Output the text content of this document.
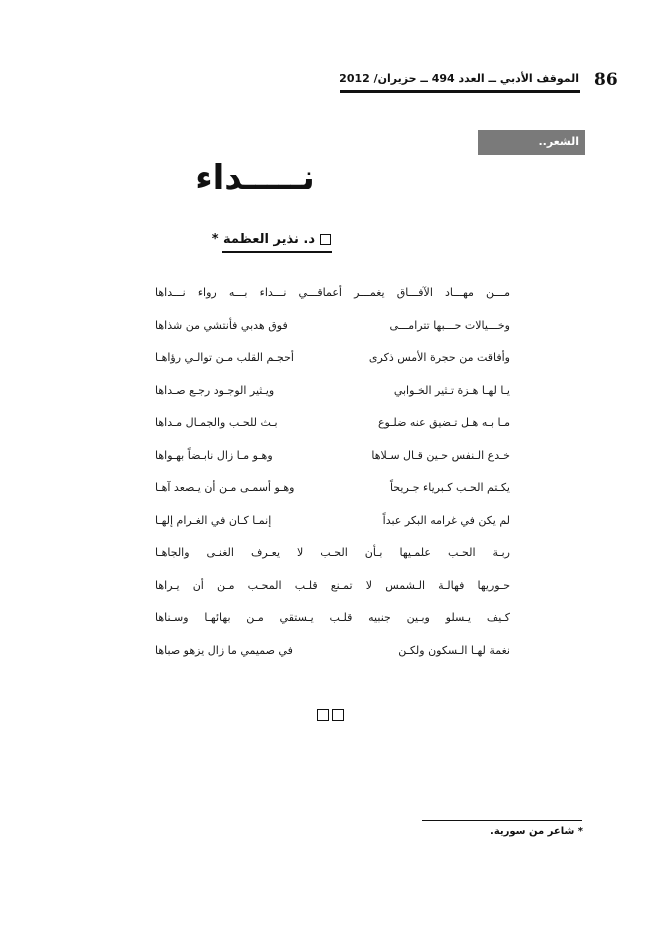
86
الموقف الأدبي ــ العدد 494 ــ حزيران/ 2012
الشعر..
نـــــداء
د. نذير العظمة *
مـــن مهـــاد الآفـــاق يغمـــر أعماقـــي نـــداء بـــه رواء نـــداها
وخـــيالات حـــبها تترامـــى
فوق هدبي فأنتشي من شذاها
وأفاقت من حجرة الأمس ذكرى
أحجـم القلب مـن توالـي رؤاهـا
يـا لهـا هـزة تـثير الخـوابي
ويـثير الوجـود رجـع صـداها
مـا بـه هـل تـضيق عنه ضلـوع
بـث للحـب والجمـال مـداها
خـدع الـنفس حـين قـال سـلاها
وهـو مـا زال نابـضاً بهـواها
يكـتم الحـب كـبرياء جـريحاً
وهـو أسمـى مـن أن يـصعد آهـا
لم يكن في غرامه البكر عبداً
إنمـا كـان في الغـرام إلهـا
ربـة الحـب علمـيها بـأن الحـب لا يعـرف الغنـى والجاهـا
حـوريها فهالـة الـشمس لا تمـنع قلـب المحـب مـن أن يـراها
كـيف يـسلو وبـين جنبيه قلـب يـستقي مـن بهائهـا وسـناها
نغمة لهـا الـسكون ولكـن
في صميمي ما زال يزهو صباها
* شاعر من سورية.
